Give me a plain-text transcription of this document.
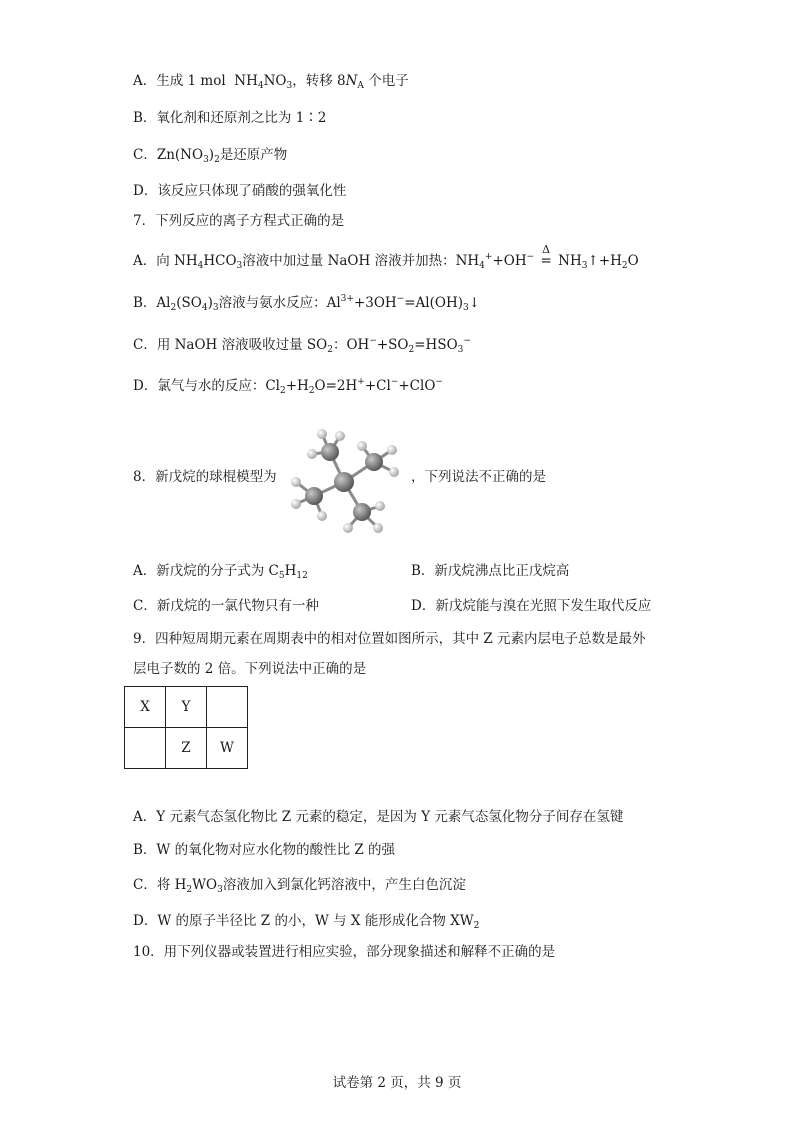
A．生成 1 mol $NH_4NO_3$，转移 $8N_A$ 个电子
B．氧化剂和还原剂之比为 1∶2
C．$Zn(NO_3)_2$是还原产物
D．该反应只体现了硝酸的强氧化性
7．下列反应的离子方程式正确的是
A．向 $NH_4HCO_3$溶液中加过量 NaOH 溶液并加热：$NH_4^++OH^-$
Δ
= $NH_3↑+H_2O$
B．$Al_2(SO_4)_3$溶液与氨水反应：$Al^{3+}+3OH^-=Al(OH)_3↓$
C．用 NaOH 溶液吸收过量 $SO_2$：$OH^-+SO_2=HSO_3^-$
D．氯气与水的反应：$Cl_2+H_2O=2H^++Cl^-+ClO^-$
8．新戊烷的球棍模型为	，下列说法不正确的是
A．新戊烷的分子式为 $C_5H_{12}$	B．新戊烷沸点比正戊烷高
C．新戊烷的一氯代物只有一种	D．新戊烷能与溴在光照下发生取代反应
9．四种短周期元素在周期表中的相对位置如图所示，其中 Z 元素内层电子总数是最外
层电子数的 2 倍。下列说法中正确的是
X	Y	
	Z	W
A．Y 元素气态氢化物比 Z 元素的稳定，是因为 Y 元素气态氢化物分子间存在氢键
B．W 的氧化物对应水化物的酸性比 Z 的强
C．将 $H_2WO_3$溶液加入到氯化钙溶液中，产生白色沉淀
D．W 的原子半径比 Z 的小，W 与 X 能形成化合物 $XW_2$
10．用下列仪器或装置进行相应实验，部分现象描述和解释不正确的是
试卷第 2 页，共 9 页
